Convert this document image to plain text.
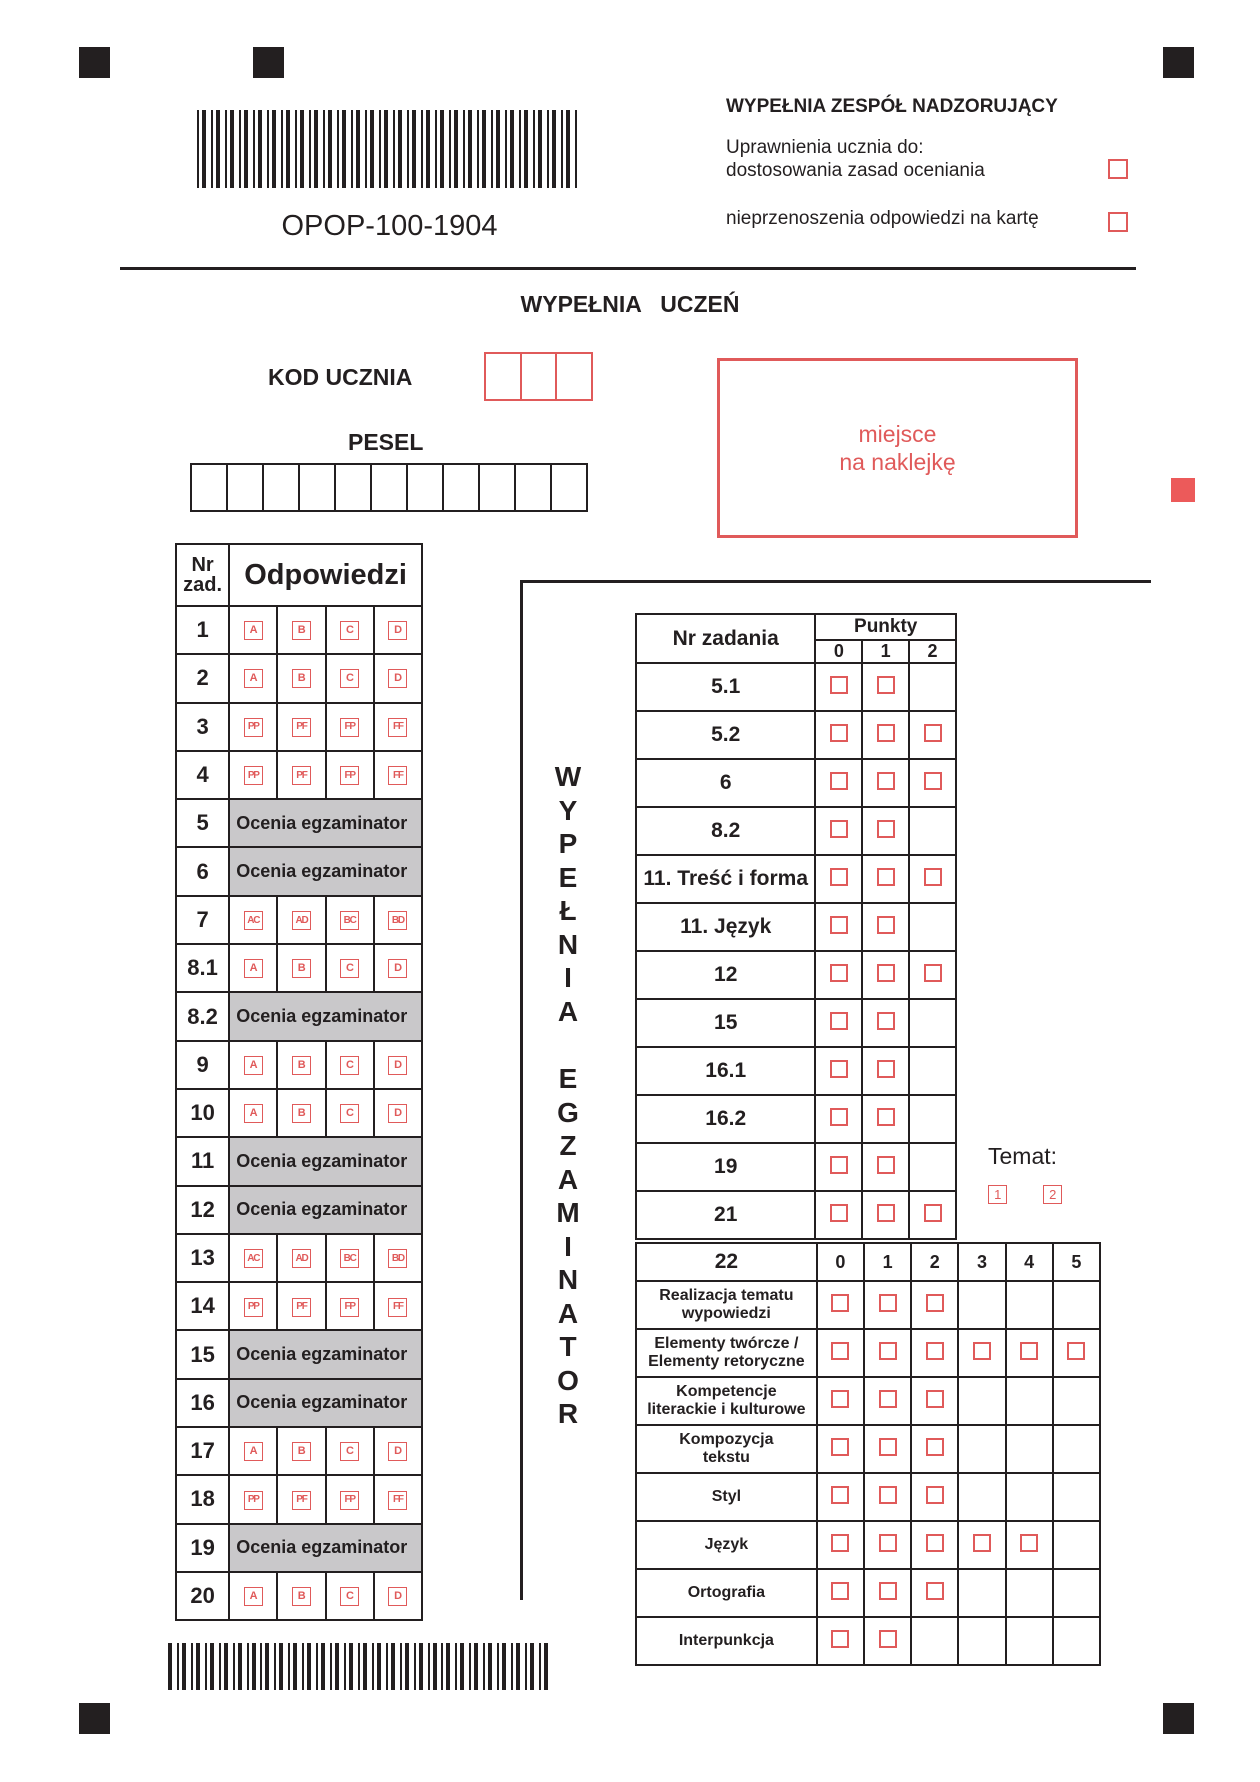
OPOP-100-1904
WYPEŁNIA ZESPÓŁ NADZORUJĄCY
Uprawnienia ucznia do:
dostosowania zasad oceniania
nieprzenoszenia odpowiedzi na kartę
WYPEŁNIA   UCZEŃ
KOD UCZNIA
PESEL	miejsce
na naklejkę
Nr
zad.	Odpowiedzi			
1	A	B	C	D
2	A	B	C	D
3	PP	PF	FP	FF
4	PP	PF	FP	FF
5	Ocenia egzaminator			
6	Ocenia egzaminator			
7	AC	AD	BC	BD
8.1	A	B	C	D
8.2	Ocenia egzaminator			
9	A	B	C	D
10	A	B	C	D
11	Ocenia egzaminator			
12	Ocenia egzaminator			
13	AC	AD	BC	BD
14	PP	PF	FP	FF
15	Ocenia egzaminator			
16	Ocenia egzaminator			
17	A	B	C	D
18	PP	PF	FP	FF
19	Ocenia egzaminator			
20	A	B	C	D
W
Y
P
E
Ł
N
I
A
E
G
Z
A
M
I
N
A
T
O
R
Nr zadania	Punkty		
	0	1	2
5.1			
5.2			
6			
8.2			
11. Treść i forma			
11. Język			
12			
15			
16.1			
16.2			
19			
21			
Temat:
1	2
22	0	1	2	3	4	5

Realizacja tematu
wypowiedzi						

Elementy twórcze /
Elementy retoryczne						

Kompetencje
literackie i kulturowe						

Kompozycja
tekstu						

Styl						

Język						

Ortografia						

Interpunkcja						
